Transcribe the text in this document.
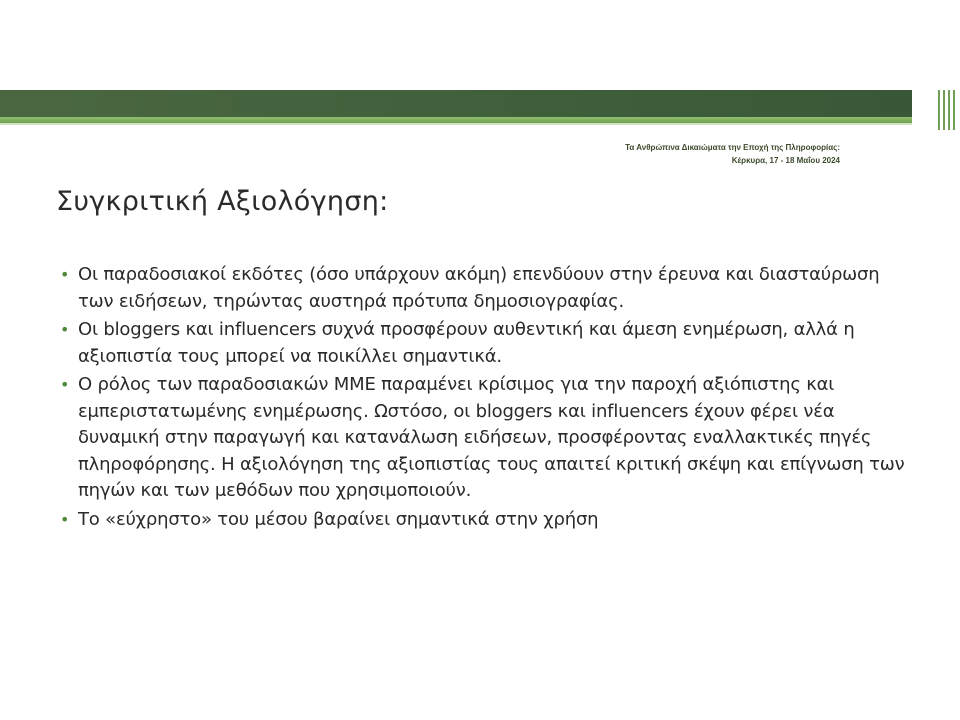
24
Τα Ανθρώπινα Δικαιώματα την Εποχή της Πληροφορίας:
Κέρκυρα, 17 - 18 Μαΐου 2024
Συγκριτική Αξιολόγηση:
• Οι παραδοσιακοί εκδότες (όσο υπάρχουν ακόμη) επενδύουν στην έρευνα και διασταύρωση των ειδήσεων, τηρώντας αυστηρά πρότυπα δημοσιογραφίας.
• Οι bloggers και influencers συχνά προσφέρουν αυθεντική και άμεση ενημέρωση, αλλά η αξιοπιστία τους μπορεί να ποικίλλει σημαντικά.
• Ο ρόλος των παραδοσιακών ΜΜΕ παραμένει κρίσιμος για την παροχή αξιόπιστης και εμπεριστατωμένης ενημέρωσης. Ωστόσο, οι bloggers και influencers έχουν φέρει νέα δυναμική στην παραγωγή και κατανάλωση ειδήσεων, προσφέροντας εναλλακτικές πηγές πληροφόρησης. Η αξιολόγηση της αξιοπιστίας τους απαιτεί κριτική σκέψη και επίγνωση των πηγών και των μεθόδων που χρησιμοποιούν.
• Το «εύχρηστο» του μέσου βαραίνει σημαντικά στην χρήση
